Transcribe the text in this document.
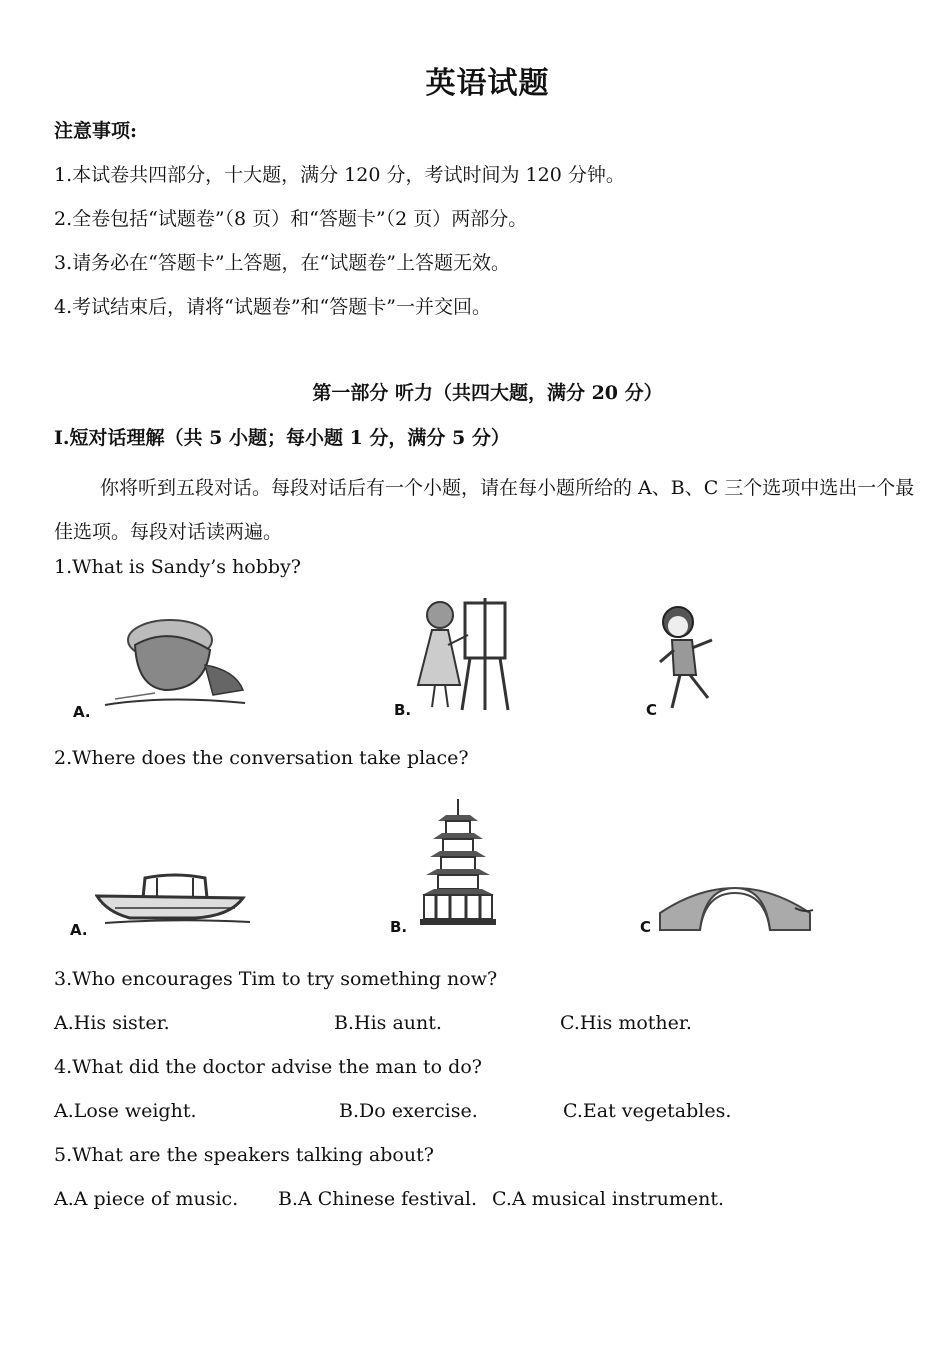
英语试题
注意事项:
1.本试卷共四部分，十大题，满分 120 分，考试时间为 120 分钟。
2.全卷包括“试题卷”（8 页）和“答题卡”（2 页）两部分。
3.请务必在“答题卡”上答题，在“试题卷”上答题无效。
4.考试结束后，请将“试题卷”和“答题卡”一并交回。
第一部分 听力（共四大题，满分 20 分）
I.短对话理解（共 5 小题；每小题 1 分，满分 5 分）
你将听到五段对话。每段对话后有一个小题，请在每小题所给的 A、B、C 三个选项中选出一个最佳选项。每段对话读两遍。
1.What is Sandy’s hobby?
A.	B.	C
2.Where does the conversation take place?
A.	B.	C
3.Who encourages Tim to try something now?
A.His sister.	B.His aunt.	C.His mother.
4.What did the doctor advise the man to do?
A.Lose weight.	B.Do exercise.	C.Eat vegetables.
5.What are the speakers talking about?
A.A piece of music. B.A Chinese festival. C.A musical instrument.
